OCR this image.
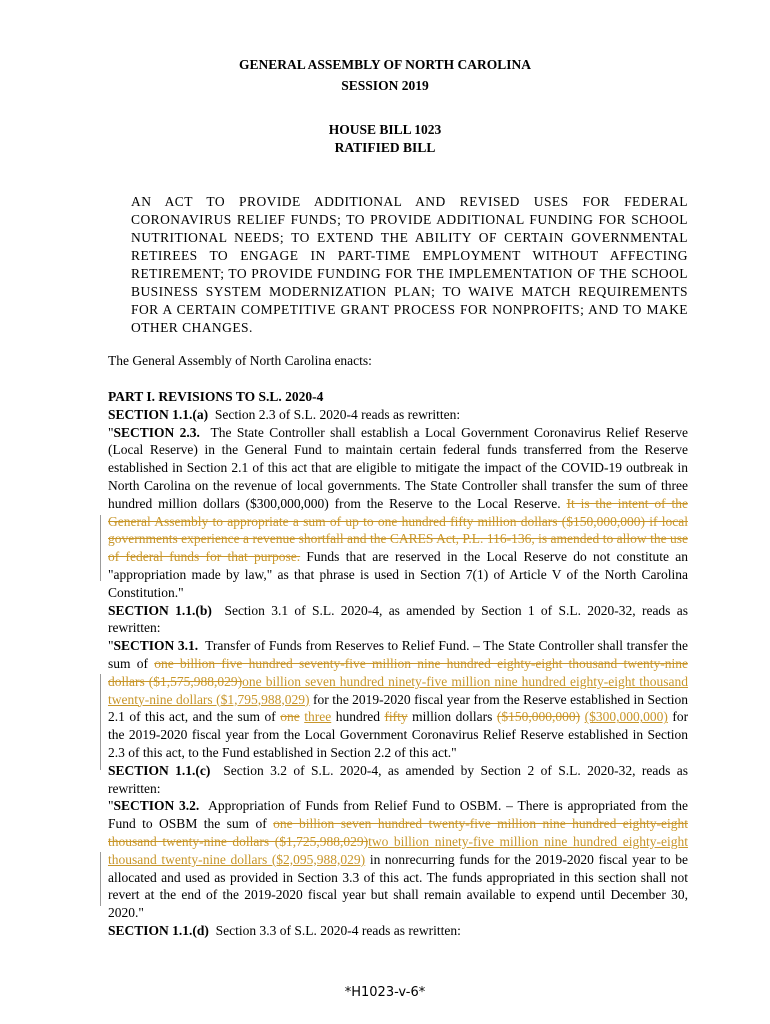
GENERAL ASSEMBLY OF NORTH CAROLINA
SESSION 2019
HOUSE BILL 1023
RATIFIED BILL
AN ACT TO PROVIDE ADDITIONAL AND REVISED USES FOR FEDERAL CORONAVIRUS RELIEF FUNDS; TO PROVIDE ADDITIONAL FUNDING FOR SCHOOL NUTRITIONAL NEEDS; TO EXTEND THE ABILITY OF CERTAIN GOVERNMENTAL RETIREES TO ENGAGE IN PART-TIME EMPLOYMENT WITHOUT AFFECTING RETIREMENT; TO PROVIDE FUNDING FOR THE IMPLEMENTATION OF THE SCHOOL BUSINESS SYSTEM MODERNIZATION PLAN; TO WAIVE MATCH REQUIREMENTS FOR A CERTAIN COMPETITIVE GRANT PROCESS FOR NONPROFITS; AND TO MAKE OTHER CHANGES.
The General Assembly of North Carolina enacts:

PART I. REVISIONS TO S.L. 2020-4

SECTION 1.1.(a) Section 2.3 of S.L. 2020-4 reads as rewritten:

"SECTION 2.3. The State Controller shall establish a Local Government Coronavirus Relief Reserve (Local Reserve) in the General Fund to maintain certain federal funds transferred from the Reserve established in Section 2.1 of this act that are eligible to mitigate the impact of the COVID-19 outbreak in North Carolina on the revenue of local governments. The State Controller shall transfer the sum of three hundred million dollars ($300,000,000) from the Reserve to the Local Reserve. It is the intent of the General Assembly to appropriate a sum of up to one hundred fifty million dollars ($150,000,000) if local governments experience a revenue shortfall and the CARES Act, P.L. 116-136, is amended to allow the use of federal funds for that purpose. Funds that are reserved in the Local Reserve do not constitute an "appropriation made by law," as that phrase is used in Section 7(1) of Article V of the North Carolina Constitution."

SECTION 1.1.(b) Section 3.1 of S.L. 2020-4, as amended by Section 1 of S.L. 2020-32, reads as rewritten:

"SECTION 3.1. Transfer of Funds from Reserves to Relief Fund. – The State Controller shall transfer the sum of one billion five hundred seventy-five million nine hundred eighty-eight thousand twenty-nine dollars ($1,575,988,029)one billion seven hundred ninety-five million nine hundred eighty-eight thousand twenty-nine dollars ($1,795,988,029) for the 2019-2020 fiscal year from the Reserve established in Section 2.1 of this act, and the sum of one three hundred fifty million dollars ($150,000,000) ($300,000,000) for the 2019-2020 fiscal year from the Local Government Coronavirus Relief Reserve established in Section 2.3 of this act, to the Fund established in Section 2.2 of this act."

SECTION 1.1.(c) Section 3.2 of S.L. 2020-4, as amended by Section 2 of S.L. 2020-32, reads as rewritten:

"SECTION 3.2. Appropriation of Funds from Relief Fund to OSBM. – There is appropriated from the Fund to OSBM the sum of one billion seven hundred twenty-five million nine hundred eighty-eight thousand twenty-nine dollars ($1,725,988,029)two billion ninety-five million nine hundred eighty-eight thousand twenty-nine dollars ($2,095,988,029) in nonrecurring funds for the 2019-2020 fiscal year to be allocated and used as provided in Section 3.3 of this act. The funds appropriated in this section shall not revert at the end of the 2019-2020 fiscal year but shall remain available to expend until December 30, 2020."

SECTION 1.1.(d) Section 3.3 of S.L. 2020-4 reads as rewritten:

*H1023-v-6*
